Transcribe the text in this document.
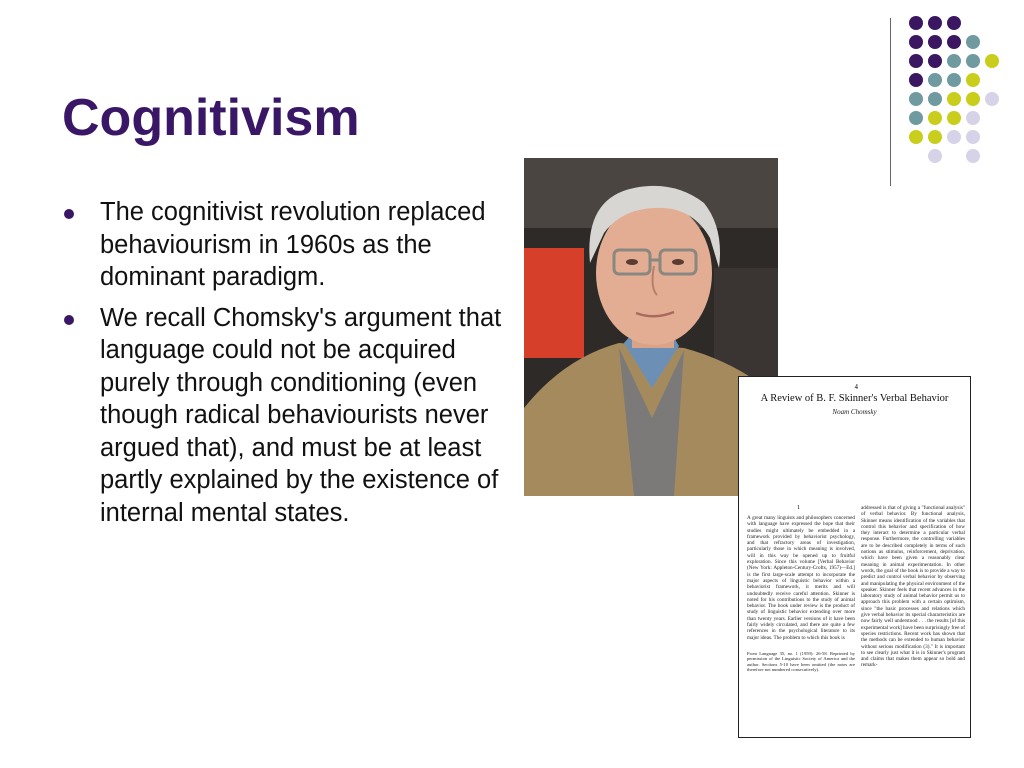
Cognitivism
The cognitivist revolution replaced behaviourism in 1960s as the dominant paradigm.
We recall Chomsky's argument that language could not be acquired purely through conditioning (even though radical behaviourists never argued that), and must be at least partly explained by the existence of internal mental states.
4
A Review of B. F. Skinner's Verbal Behavior
Noam Chomsky
1
A great many linguists and philosophers concerned with language have expressed the hope that their studies might ultimately be embedded in a framework provided by behaviorist psychology, and that refractory areas of investigation, particularly those in which meaning is involved, will in this way be opened up to fruitful exploration. Since this volume [Verbal Behavior (New York: Appleton-Century-Crofts, 1957)—Ed.] is the first large-scale attempt to incorporate the major aspects of linguistic behavior within a behaviorist framework, it merits and will undoubtedly receive careful attention. Skinner is noted for his contributions to the study of animal behavior. The book under review is the product of study of linguistic behavior extending over more than twenty years. Earlier versions of it have been fairly widely circulated, and there are quite a few references in the psychological literature to its major ideas. The problem to which this book is
From Language 35, no. 1 (1959): 26-58. Reprinted by permission of the Linguistic Society of America and the author. Sections 5-10 have been omitted (the notes are therefore not numbered consecutively).
addressed is that of giving a "functional analysis" of verbal behavior. By functional analysis, Skinner means identification of the variables that control this behavior and specification of how they interact to determine a particular verbal response. Furthermore, the controlling variables are to be described completely in terms of such notions as stimulus, reinforcement, deprivation, which have been given a reasonably clear meaning in animal experimentation. In other words, the goal of the book is to provide a way to predict and control verbal behavior by observing and manipulating the physical environment of the speaker. Skinner feels that recent advances in the laboratory study of animal behavior permit us to approach this problem with a certain optimism, since "the basic processes and relations which give verbal behavior its special characteristics are now fairly well understood . . . the results [of this experimental work] have been surprisingly free of species restrictions. Recent work has shown that the methods can be extended to human behavior without serious modification (3)." It is important to see clearly just what it is in Skinner's program and claims that makes them appear so bold and remark-
